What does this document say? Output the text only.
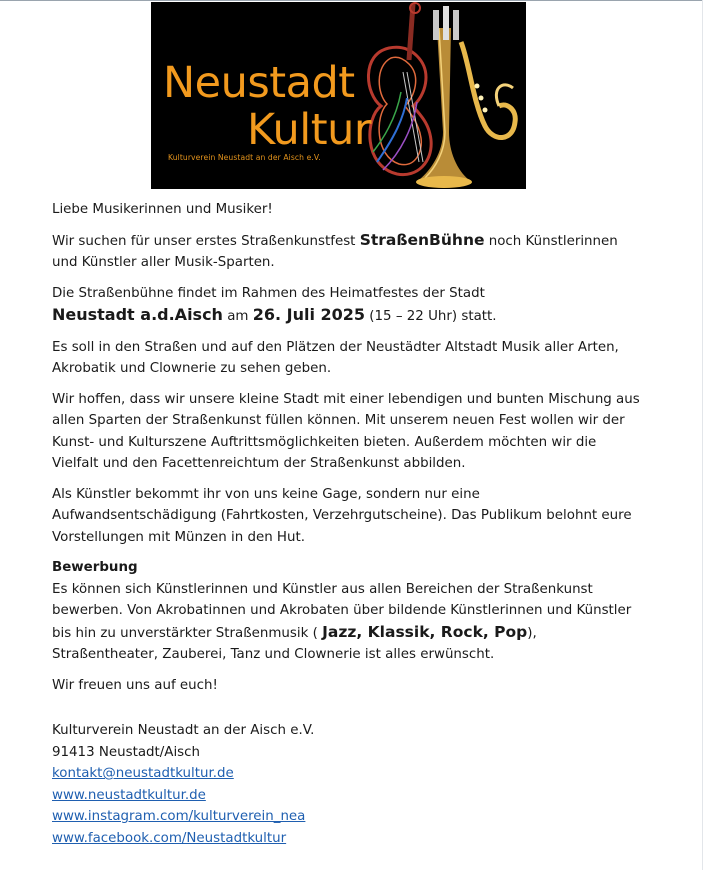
Neustadt
Kultur
Kulturverein Neustadt an der Aisch e.V.

Liebe Musikerinnen und Musiker!

Wir suchen für unser erstes Straßenkunstfest StraßenBühne noch Künstlerinnen und Künstler aller Musik-Sparten.

Die Straßenbühne findet im Rahmen des Heimatfestes der Stadt
Neustadt a.d.Aisch am 26. Juli 2025 (15 – 22 Uhr) statt.

Es soll in den Straßen und auf den Plätzen der Neustädter Altstadt Musik aller Arten, Akrobatik und Clownerie zu sehen geben.

Wir hoffen, dass wir unsere kleine Stadt mit einer lebendigen und bunten Mischung aus allen Sparten der Straßenkunst füllen können. Mit unserem neuen Fest wollen wir der Kunst- und Kulturszene Auftrittsmöglichkeiten bieten. Außerdem möchten wir die Vielfalt und den Facettenreichtum der Straßenkunst abbilden.

Als Künstler bekommt ihr von uns keine Gage, sondern nur eine Aufwandsentschädigung (Fahrtkosten, Verzehrgutscheine). Das Publikum belohnt eure Vorstellungen mit Münzen in den Hut.

Bewerbung
Es können sich Künstlerinnen und Künstler aus allen Bereichen der Straßenkunst bewerben. Von Akrobatinnen und Akrobaten über bildende Künstlerinnen und Künstler bis hin zu unverstärkter Straßenmusik ( Jazz, Klassik, Rock, Pop), Straßentheater, Zauberei, Tanz und Clownerie ist alles erwünscht.

Wir freuen uns auf euch!

Kulturverein Neustadt an der Aisch e.V.
91413 Neustadt/Aisch
kontakt@neustadtkultur.de
www.neustadtkultur.de
www.instagram.com/kulturverein_nea
www.facebook.com/Neustadtkultur
